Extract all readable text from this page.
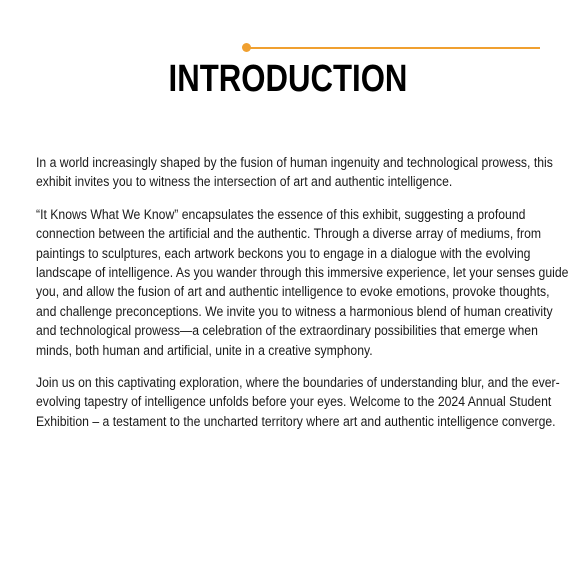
INTRODUCTION

In a world increasingly shaped by the fusion of human ingenuity and technological prowess, this
exhibit invites you to witness the intersection of art and authentic intelligence.

“It Knows What We Know” encapsulates the essence of this exhibit, suggesting a profound
connection between the artificial and the authentic. Through a diverse array of mediums, from
paintings to sculptures, each artwork beckons you to engage in a dialogue with the evolving
landscape of intelligence. As you wander through this immersive experience, let your senses guide
you, and allow the fusion of art and authentic intelligence to evoke emotions, provoke thoughts,
and challenge preconceptions. We invite you to witness a harmonious blend of human creativity
and technological prowess—a celebration of the extraordinary possibilities that emerge when
minds, both human and artificial, unite in a creative symphony.

Join us on this captivating exploration, where the boundaries of understanding blur, and the ever-
evolving tapestry of intelligence unfolds before your eyes. Welcome to the 2024 Annual Student
Exhibition – a testament to the uncharted territory where art and authentic intelligence converge.
